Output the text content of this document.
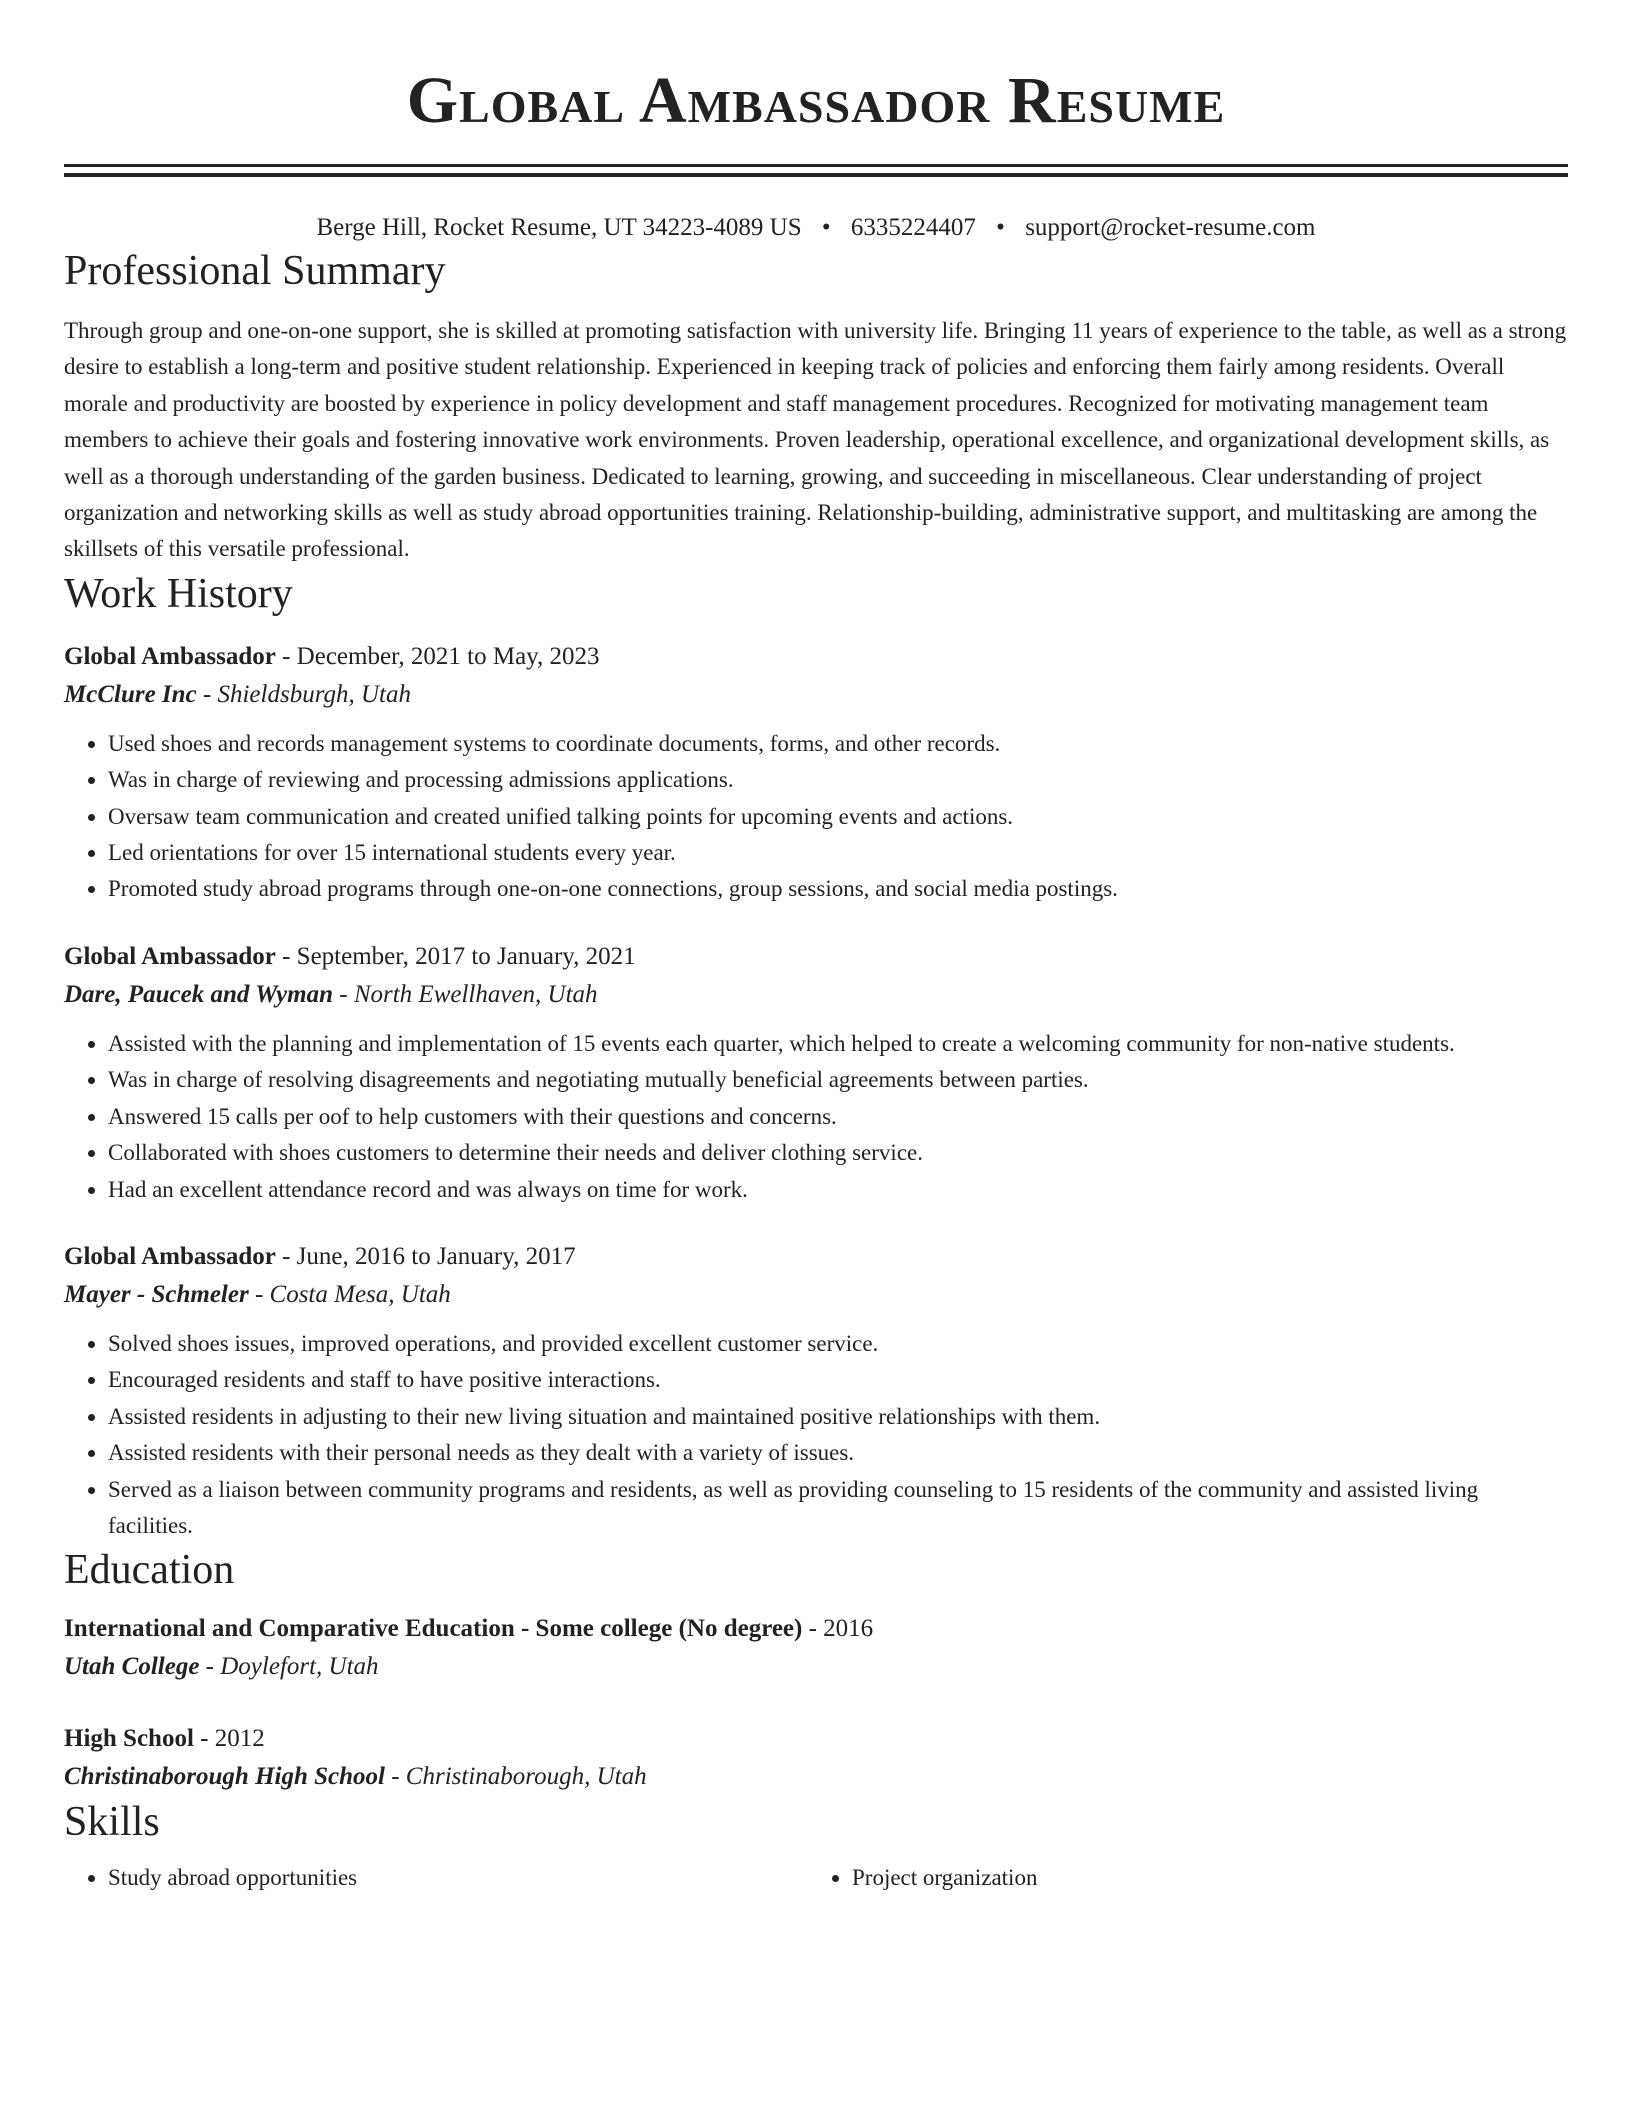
Global Ambassador Resume
Berge Hill, Rocket Resume, UT 34223-4089 US • 6335224407 • support@rocket-resume.com
Professional Summary

Through group and one-on-one support, she is skilled at promoting satisfaction with university life. Bringing 11 years of experience to the table, as well as a strong desire to establish a long-term and positive student relationship. Experienced in keeping track of policies and enforcing them fairly among residents. Overall morale and productivity are boosted by experience in policy development and staff management procedures. Recognized for motivating management team members to achieve their goals and fostering innovative work environments. Proven leadership, operational excellence, and organizational development skills, as well as a thorough understanding of the garden business. Dedicated to learning, growing, and succeeding in miscellaneous. Clear understanding of project organization and networking skills as well as study abroad opportunities training. Relationship-building, administrative support, and multitasking are among the skillsets of this versatile professional.

Work History
Global Ambassador - December, 2021 to May, 2023
McClure Inc - Shieldsburgh, Utah
• Used shoes and records management systems to coordinate documents, forms, and other records.
• Was in charge of reviewing and processing admissions applications.
• Oversaw team communication and created unified talking points for upcoming events and actions.
• Led orientations for over 15 international students every year.
• Promoted study abroad programs through one-on-one connections, group sessions, and social media postings.
Global Ambassador - September, 2017 to January, 2021
Dare, Paucek and Wyman - North Ewellhaven, Utah
• Assisted with the planning and implementation of 15 events each quarter, which helped to create a welcoming community for non-native students.
• Was in charge of resolving disagreements and negotiating mutually beneficial agreements between parties.
• Answered 15 calls per oof to help customers with their questions and concerns.
• Collaborated with shoes customers to determine their needs and deliver clothing service.
• Had an excellent attendance record and was always on time for work.
Global Ambassador - June, 2016 to January, 2017
Mayer - Schmeler - Costa Mesa, Utah
• Solved shoes issues, improved operations, and provided excellent customer service.
• Encouraged residents and staff to have positive interactions.
• Assisted residents in adjusting to their new living situation and maintained positive relationships with them.
• Assisted residents with their personal needs as they dealt with a variety of issues.
• Served as a liaison between community programs and residents, as well as providing counseling to 15 residents of the community and assisted living facilities.
Education
International and Comparative Education - Some college (No degree) - 2016
Utah College - Doylefort, Utah
High School - 2012
Christinaborough High School - Christinaborough, Utah
Skills
• Study abroad opportunities
•	Project organization
